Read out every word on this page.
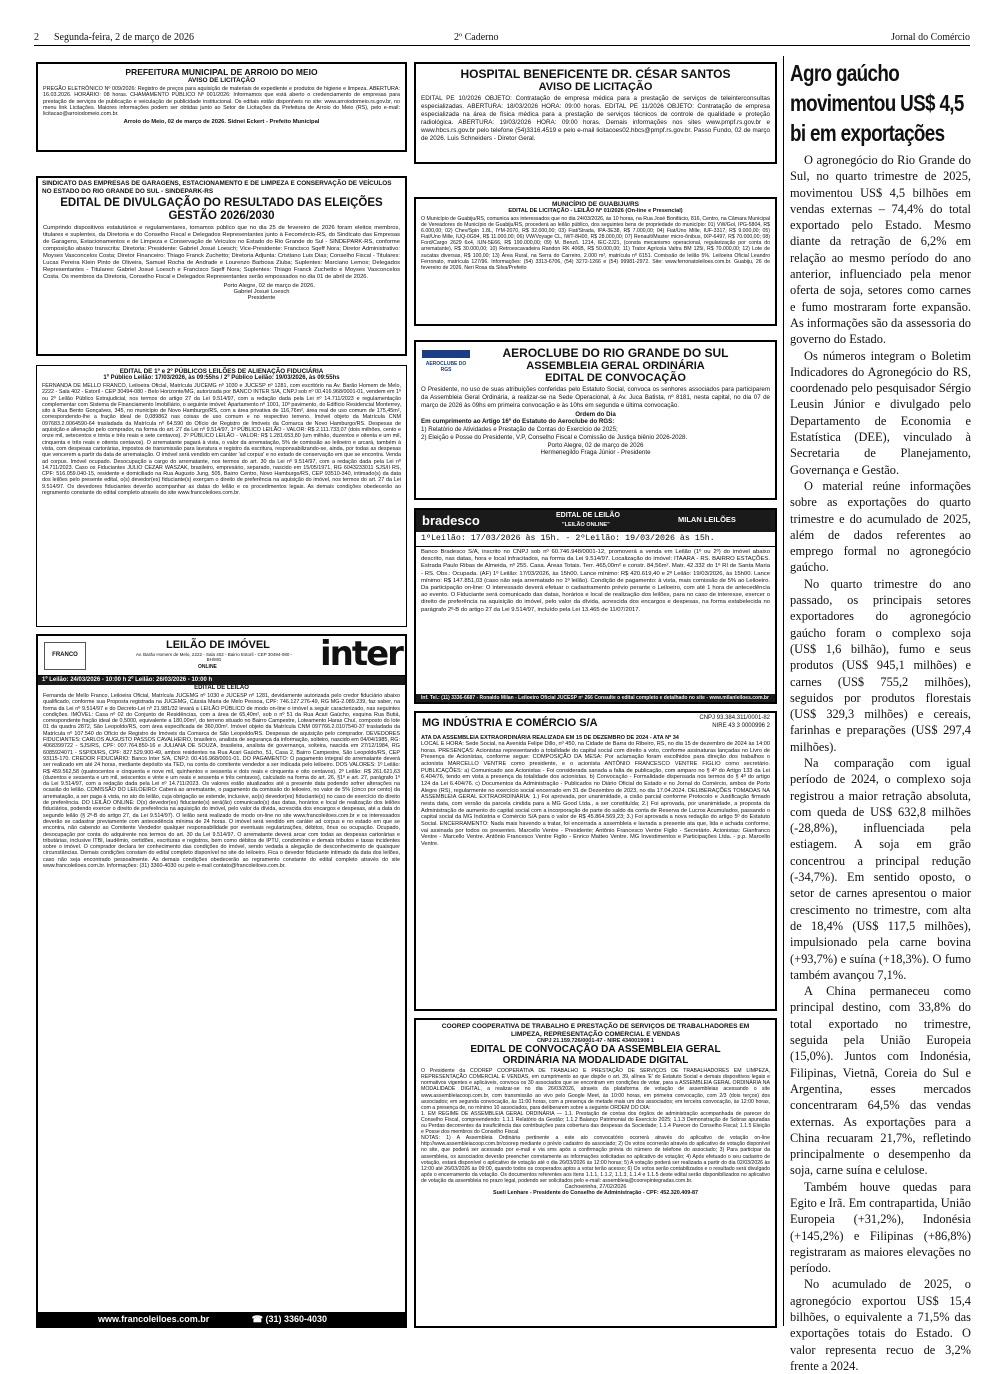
2 Segunda-feira, 2 de março de 2026	2º Caderno	Jornal do Comércio
PREFEITURA MUNICIPAL DE ARROIO DO MEIO
AVISO DE LICITAÇÃO
PREGÃO ELETRÔNICO Nº 009/2026: Registro de preços para aquisição de materiais de expediente e produtos de higiene e limpeza. ABERTURA: 16.03.2026. HORÁRIO: 08 horas. CHAMAMENTO PÚBLICO Nº 001/2026: Informamos que está aberto o credenciamento de empresas para prestação de serviços de publicação e veiculação de publicidade institucional. Os editais estão disponíveis no site: www.arroiodomeio.rs.gov.br, no menu link Licitações. Maiores informações podem ser obtidas junto ao Setor de Licitações da Prefeitura de Arroio do Meio (RS), pelo e-mail: licitacao@arroiodomeio.com.br.
Arroio do Meio, 02 de março de 2026. Sidnei Eckert - Prefeito Municipal
SINDICATO DAS EMPRESAS DE GARAGENS, ESTACIONAMENTO E DE LIMPEZA E CONSERVAÇÃO DE VEÍCULOS NO ESTADO DO RIO GRANDE DO SUL - SINDEPARK-RS
EDITAL DE DIVULGAÇÃO DO RESULTADO DAS ELEIÇÕES GESTÃO 2026/2030
Cumprindo dispositivos estatutários e regulamentares, tornamos público que no dia 25 de fevereiro de 2026 foram eleitos membros, titulares e suplentes, da Diretoria e do Conselho Fiscal e Delegados Representantes junto à Fecomércio-RS, do Sindicato das Empresas de Garagens, Estacionamentos e de Limpeza e Conservação de Veículos no Estado do Rio Grande do Sul - SINDEPARK-RS, conforme composição abaixo transcrita: Diretoria: Presidente: Gabriel Josué Loesch; Vice-Presidente: Francisco Sqeff Nora; Diretor Administrativo: Moyses Vasconcelos Costa; Diretor Financeiro: Thiago Franck Zuchetto; Diretoria Adjunta: Cristiano Luis Dias; Conselho Fiscal - Titulares: Lucas Pereira Klein Pinto de Oliveira, Samuel Rocha de Andrade e Lourenzo Barbosa Ziuba; Suplentes: Marciano Lemos; Delegados Representantes - Titulares: Gabriel Josué Loesch e Francisco Sqeff Nora; Suplentes: Thiago Franck Zuchetto e Moyses Vasconcelos Costa. Os membros da Diretoria, Conselho Fiscal e Delegados Representantes serão empossados no dia 01 de abril de 2026.
Porto Alegre, 02 de março de 2026.
Gabriel Josué Loesch
Presidente
EDITAL DE 1º e 2º PÚBLICOS LEILÕES DE ALIENAÇÃO FIDUCIÁRIA
1º Público Leilão: 17/03/2026, às 09:55hs / 2º Público Leilão: 19/03/2026, às 09:55hs
FERNANDA DE MELLO FRANCO, Leiloeira Oficial, Matrícula JUCEMG nº 1030 e JUCESP nº 1281, com escritório na Av. Barão Homem de Melo, 2222 - Sala 402 - Estoril - CEP 30494-080 - Belo Horizonte/MG, autorizada por BANCO INTER S/A, CNPJ sob nº 00.416.968/0001-01, vendem em 1º ou 2º Leilão Público Extrajudicial, nos termos do artigo 27 da Lei 9.514/97, com a redação dada pela Lei nº 14.711/2023 e regulamentação complementar com Sistema de Financiamento Imobiliário, o seguinte imóvel: Apartamento nº 1001, 10º pavimento, do Edifício Residencial Monterrey, sito à Rua Bento Gonçalves, 345, no município de Novo Hamburgo/RS, com a área privativa de 116,76m², área real de uso comum de 175,45m², correspondendo-lhe a fração ideal de 0,089862 nas coisas de uso comum e no respectivo terreno. Imóvel objeto da Matrícula CNM 097683.2.0064590-64 trasladada da Matrícula nº 64.590 do Ofício de Registro de Imóveis da Comarca de Novo Hamburgo/RS. Despesas de aquisição e alienação pelo comprador, na forma do art. 27 da Lei nº 9.514/97. 1º PÚBLICO LEILÃO - VALOR: R$ 2.111.733,07 (dois milhões, cento e onze mil, setecentos e trinta e três reais e sete centavos). 2º PÚBLICO LEILÃO - VALOR: R$ 1.281.653,80 (um milhão, duzentos e oitenta e um mil, cinquenta e três reais e oitenta centavos). O arrematante pagará à vista, o valor da arrematação, 5% de comissão ao leiloeiro e arcará, também à vista, com despesas cartorárias, impostos de transmissão para lavratura e registro da escritura, responsabilizando-se, ainda, por todas as despesas que vencerem a partir da data de arrematação. O imóvel será vendido em caráter 'ad corpus' e no estado de conservação em que se encontra. Venda ad corpus. Imóvel ocupado. Desocupação a cargo do arrematante, nos termos do art. 30 da Lei nº 9.514/97, com a redação dada pela Lei nº 14.711/2023. Caso os Fiduciantes JULIO CEZAR WASZAK, brasileiro, empresário, separado, nascido em 15/05/1971, RG 6043233011 SJS/II RS, CPF: 516.059.040-15, residente e domiciliado na Rua Augusto Jung, 505, Bairro Centro, Novo Hamburgo/RS, CEP 93510-340, intimado(s) da data dos leilões pelo presente edital, o(s) devedor(es) fiduciante(s) exerçam o direito de preferência na aquisição do imóvel, nos termos do art. 27 da Lei 9.514/97. Os devedores fiduciantes deverão acompanhar as datas do leilão e os procedimentos legais. As demais condições obedecerão ao regramento constante do edital completo através do site www.francoleiloes.com.br.
FRANCO
LEILÃO DE IMÓVEL
Av. Barão Homem de Melo, 2222 - Sala 402 - Bairro Estoril - CEP 30494-080 - BH/MG
ONLINE	inter
1º Leilão: 24/03/2026 - 10:00 h 2º Leilão: 26/03/2026 - 10:00 h
EDITAL DE LEILÃO
Fernanda de Mello Franco, Leiloeira Oficial, Matrícula JUCEMG nº 1030 e JUCESP nº 1281, devidamente autorizada pelo credor fiduciário abaixo qualificado, conforme sua Proposta registrada na JUCEMG, Cássia Maria de Melo Pessoa, CPF: 746.127.276-49, RG MG-2.089.239, faz saber, na forma da Lei nº 9.514/97 e do Decreto-Lei nº 21.981/32 levará a LEILÃO PÚBLICO de modo on-line o imóvel a seguir caracterizado, nas seguintes condições. IMÓVEL: Casa nº 02 do Conjunto de Residências, com a área de 65,40m², sob o nº 51 da Rua Acari Gaúcho, esquina Rua Butiá, correspondente fração ideal de 0,5000, equivalente a 180,00m², do terreno situado no Bairro Campestre, Loteamento Haras Chuí, composto do lote 01 da quadra 2872, São Leopoldo/RS, com área especificada de 360,00m². Imóvel objeto da Matrícula CNM 097766.2.0107540-37 trasladada da Matrícula nº 107.540 do Ofício de Registro de Imóveis da Comarca de São Leopoldo/RS. Despesas de aquisição pelo comprador. DEVEDORES FIDUCIANTES: CARLOS AUGUSTO PASSOS CAVALHEIRO, brasileiro, analista de segurança da informação, solteiro, nascido em 04/04/1985, RG: 4068399722 - SJS/RS, CPF: 007.764.850-16 e JULIANA DE SOUZA, brasileira, analista de governança, solteira, nascida em 27/12/1984, RG 6085924071 - SSP/DI/RS, CPF: 827.529.900-49, ambos residentes na Rua Acari Gaúcho, 51, Casa 2, Bairro Campestre, São Leopoldo/RS, CEP 93115-170. CREDOR FIDUCIÁRIO: Banco Inter S/A, CNPJ: 00.416.968/0001-01. DO PAGAMENTO: O pagamento integral do arrematante deverá ser realizado em até 24 horas, mediante depósito via TED, na conta do comitente vendedor a ser indicada pelo leiloeiro. DOS VALORES: 1º Leilão: R$ 459.562,58 (quatrocentos e cinquenta e nove mil, quinhentos e sessenta e dois reais e cinquenta e oito centavos). 2º Leilão: R$ 261.621,63 (duzentos e sessenta e um mil, seiscentos e vinte e um reais e sessenta e três centavos), calculado na forma do art. 26, §1º e art. 27, parágrafo 1º da Lei 9.514/97, com a redação dada pela Lei nº 14.711/2023. Os valores estão atualizados até a presente data podendo sofrer alterações na ocasião do leilão. COMISSÃO DO LEILOEIRO: Caberá ao arrematante, o pagamento da comissão do leiloeiro, no valor de 5% (cinco por cento) da arrematação, a ser paga à vista, no ato do leilão, cuja obrigação se estende, inclusive, ao(s) devedor(es) fiduciante(s) no caso de exercício do direito de preferência. DO LEILÃO ONLINE: O(s) devedor(es) fiduciante(s) será(ão) comunicado(s) das datas, horários e local de realização dos leilões fiduciários, podendo exercer o direito de preferência na aquisição do imóvel, pelo valor da dívida, acrescida dos encargos e despesas, até a data do segundo leilão (§ 2º-B do artigo 27, da Lei 9.514/97). O leilão será realizado de modo on-line no site www.francoleiloes.com.br e os interessados deverão se cadastrar previamente com antecedência mínima de 24 horas. O imóvel será vendido em caráter ad corpus e no estado em que se encontra, não cabendo ao Comitente Vendedor qualquer responsabilidade por eventuais regularizações, débitos, ônus ou ocupação. Ocupado, desocupação por conta do adquirente nos termos do art. 30 da Lei 9.514/97. O arrematante deverá arcar com todas as despesas cartorárias e tributárias, inclusive ITBI, laudêmio, certidões, escrituras e registros, bem como débitos de IPTU, condomínio e demais tributos e taxas incidentes sobre o imóvel. O comprador declara ter conhecimento das condições do imóvel, sendo vedada a alegação de desconhecimento de quaisquer circunstâncias. Demais condições constam do edital completo disponível no site do leiloeiro. Fica o devedor fiduciante intimado da data dos leilões, caso não seja encontrado pessoalmente. As demais condições obedecerão ao regramento constante do edital completo através do site www.francoleiloes.com.br. Informações: (31) 3360-4030 ou pelo e-mail contato@francoleiloes.com.br.
www.francoleiloes.com.br	☎ (31) 3360-4030
HOSPITAL BENEFICENTE DR. CÉSAR SANTOS
AVISO DE LICITAÇÃO
EDITAL PE 10/2026 OBJETO: Contratação de empresa médica para a prestação de serviços de teleinterconsultas especializadas. ABERTURA: 18/03/2026 HORA: 09:00 horas. EDITAL PE 11/2026 OBJETO: Contratação de empresa especializada na área de física médica para a prestação de serviços técnicos de controle de qualidade e proteção radiológica. ABERTURA: 19/03/2026 HORA: 09:00 horas. Demais informações nos sites www.pmpf.rs.gov.br e www.hbcs.rs.gov.br pelo telefone (54)3316.4519 e pelo e-mail licitacoes02.hbcs@pmpf.rs.gov.br. Passo Fundo, 02 de março de 2026. Luis Schneiders - Diretor Geral.
MUNICÍPIO DE GUABIJU/RS
EDITAL DE LICITAÇÃO - LEILÃO Nº 01/2026 (On-line e Presencial)
O Município de Guabiju/RS, comunica aos interessados que no dia 24/03/2026, às 10 horas, na Rua José Bonifácio, 816, Centro, na Câmara Municipal de Vereadores do Município de Guabiju/RS, procederá ao leilão público, dos seguintes bens de propriedade do município: 01) VW/Gol, IPG-5804, R$ 6.000,00; 02) Chev/Spin 1.8L, IYM-2070, R$ 32.000,00; 03) Fiat/Strada, IPA-3E38, R$ 7.000,00; 04) Fiat/Uno Mille, IUF-3317, R$ 9.000,00; 05) Fiat/Uno Mille, IUQ-0G94, R$ 11.000,00; 06) VW/Voyage CL, IWT-8H00, R$ 28.000,00; 07) Renault/Master micro-ônibus, IXP-6497, R$ 70.000,00; 08) Ford/Cargo 2629 6x4, IUN-5E66, R$ 190.000,00; 09) M. Benz/L 1214, IEC-2J21, (consta mecanismo operacional, regularização por conta do arrematante), R$ 30.000,00; 10) Retroescavadeira Randon RK 406B, R$ 50.000,00; 11) Trator Agrícola Valtra BM 125i, R$ 70.000,00; 12) Lote de sucatas diversas, R$ 100,00; 13) Área Rural, na Serra do Carreiro, 2.000 m², matrícula nº 6151. Comissão de leilão 5%. Leiloeira Oficial Leandro Ferronato, matrícula 127/96. Informações: (54) 3313-6706, (54) 3272-1266 e (54) 99981-2972. Site: www.ferronatoleiloes.com.br. Guabiju, 26 de fevereiro de 2026. Neri Rosa da Silva/Prefeito
AEROCLUBE DO RGS
AEROCLUBE DO RIO GRANDE DO SUL
ASSEMBLEIA GERAL ORDINÁRIA
EDITAL DE CONVOCAÇÃO
O Presidente, no uso de suas atribuições conferidas pelo Estatuto Social, convoca os senhores associados para participarem da Assembleia Geral Ordinária, a realizar-se na Sede Operacional, à Av. Juca Batista, nº 8181, nesta capital, no dia 07 de março de 2026 às 09hs em primeira convocação e às 10hs em segunda e última convocação.
Ordem do Dia
Em cumprimento ao Artigo 16º do Estatuto do Aeroclube do RGS:
1) Relatório de Atividades e Prestação de Contas do Exercício de 2025;
2) Eleição e Posse do Presidente, V.P, Conselho Fiscal e Comissão de Justiça biênio 2026-2028.
Porto Alegre, 02 de março de 2026
Hermenegildo Fraga Júnior - Presidente
bradesco	EDITAL DE LEILÃO
"LEILÃO ONLINE"
MILAN LEILÕES
1ºLeilão: 17/03/2026 às 15h. - 2ºLeilão: 19/03/2026 às 15h.
Banco Bradesco S/A, inscrito no CNPJ sob nº 60.746.948/0001-12, promoverá a venda em Leilão (1º ou 2º) do imóvel abaixo descrito, nas datas, hora e local infracitados, na forma da Lei 9.514/97. Localização do imóvel: ITAARA - RS. BAIRRO ESTAÇÕES. Estrada Paulo Ribas de Almeida, nº 255. Casa. Áreas Totais. Terr. 465,00m² e constr. 84,56m². Matr. 42.332 do 1º RI de Santa Maria - RS. Obs.: Ocupada. (AF) 1º Leilão: 17/03/2026, às 15h00. Lance mínimo: R$ 420.619,40 e 2º Leilão: 19/03/2026, às 15h00. Lance mínimo: R$ 147.851,03 (caso não seja arrematado no 1º leilão). Condição de pagamento: à vista, mais comissão de 5% ao Leiloeiro. Da participação on-line: O interessado deverá efetuar o cadastramento prévio perante o Leiloeiro, com até 1 hora de antecedência ao evento. O Fiduciante será comunicado das datas, horários e local de realização dos leilões, para no caso de interesse, exercer o direito de preferência na aquisição do imóvel, pelo valor da dívida, acrescida dos encargos e despesas, na forma estabelecida no parágrafo 2º-B do artigo 27 da Lei 9.514/97, incluído pela Lei 13.465 de 11/07/2017.
Inf. Tel.: (11) 3336-6687 - Ronaldo Milan - Leiloeiro Oficial JUCESP nº 266 Consulte o edital completo e detalhado no site - www.milanleiloes.com.br
MG INDÚSTRIA E COMÉRCIO S/A	CNPJ 93.384.311/0001-82
NIRE 43 3 0000996 2
ATA DA ASSEMBLEIA EXTRAORDINÁRIA REALIZADA EM 15 DE DEZEMBRO DE 2024 - ATA Nº 34
LOCAL E HORA: Sede Social, na Avenida Felipe Dillo, nº 450, na Cidade de Barra do Ribeiro, RS, no dia 15 de dezembro de 2024 às 14:00 horas. PRESENÇAS: Acionistas representando a totalidade do capital social com direito a voto, conforme assinaturas lançadas no Livro de Presença de Acionistas, conforme segue: COMPOSIÇÃO DA MESA: Por aclamação foram escolhidos para direção dos trabalhos o acionista MARCELLO VENTRE como presidente, e o acionista ANTÔNIO FRANCESCO VENTRE FIGLIO como secretário. PUBLICAÇÕES: a) Comunicado aos Acionistas - Foi considerada sanada a falta de publicação, com amparo no § 4º do Artigo 133 da Lei 6.404/76, tendo em vista a presença da totalidade dos acionistas. b) Convocação - Formalidade dispensada nos termos do § 4º do artigo 124 da Lei 6.404/76. c) Documentos da Administração - Publicados no Diário Oficial do Estado e no Jornal do Comércio, ambos de Porto Alegre (RS), regularmente no exercício social encerrado em 31 de Dezembro de 2023, no dia 17.04.2024. DELIBERAÇÕES TOMADAS NA ASSEMBLEIA GERAL EXTRAORDINÁRIA: 1.) Foi aprovada, por unanimidade, a cisão parcial conforme Protocolo e Justificação firmado nesta data, com versão da parcela cindida para a MG Good Ltda., a ser constituída; 2.) Foi aprovada, por unanimidade, a proposta da Administração de aumento do capital social com a incorporação de parte do saldo da conta de Reserva de Lucros Acumulados, passando o capital social da MG Indústria e Comércio S/A para o valor de R$ 45.864.569,23; 3.) Foi aprovada a nova redação do artigo 5º do Estatuto Social. ENCERRAMENTO: Nada mais havendo a tratar, foi encerrada a assembleia e lavrada a presente ata que, lida e achada conforme, vai assinada por todos os presentes. Marcello Ventre - Presidente; Antônio Francesco Ventre Figlio - Secretário. Acionistas: Gianfranco Ventre - Marcello Ventre. Antônio Francesco Ventre Figlio - Enrico Matteo Ventre. MG Investimentos e Participações Ltda. - p.p. Marcello Ventre.
COOREP COOPERATIVA DE TRABALHO E PRESTAÇÃO DE SERVIÇOS DE TRABALHADORES EM LIMPEZA, REPRESENTAÇÃO COMERCIAL E VENDAS
CNPJ 21.159.726/0001-47 - NIRE 434001908 1
EDITAL DE CONVOCAÇÃO DA ASSEMBLEIA GERAL ORDINÁRIA NA MODALIDADE DIGITAL
O Presidente da COOREP COOPERATIVA DE TRABALHO E PRESTAÇÃO DE SERVIÇOS DE TRABALHADORES EM LIMPEZA, REPRESENTAÇÃO COMERCIAL E VENDAS, em cumprimento ao que dispõe o art. 39, alínea 'E' do Estatuto Social e demais dispositivos legais e normativos vigentes e aplicáveis, convoca os 30 associados que se encontram em condições de votar, para a ASSEMBLEIA GERAL ORDINÁRIA NA MODALIDADE DIGITAL, a realizar-se no dia 26/03/2026, através da plataforma de votação de assembleias acessando o site www.assembleiacoop.com.br, com transmissão ao vivo pelo Google Meet, às 10:00 horas, em primeira convocação, com 2/3 (dois terços) dos associados; em segunda convocação, às 11:00 horas, com a presença de metade mais um dos associados; em terceira convocação, às 12:00 horas, com a presença de, no mínimo 10 associados, para deliberarem sobre a seguinte ORDEM DO DIA:
1. EM REGIME DE ASSEMBLEIA GERAL ORDINÁRIA — 1.1. Prestação de contas dos órgãos de administração acompanhada de parecer do Conselho Fiscal, compreendendo: 1.1.1 Relatório da Gestão; 1.1.2 Balanço Patrimonial do Exercício 2025; 1.1.3 Demonstração de Sobras apuradas ou Perdas decorrentes da insuficiência das contribuições para cobertura das despesas da Sociedade; 1.1.4 Parecer do Conselho Fiscal; 1.1.5 Eleição e Posse dos membros do Conselho Fiscal.
NOTAS: 1) A Assembleia Ordinária pertinente a este ato convocatório ocorrerá através do aplicativo de votação on-line http://www.assembleiacoop.com.br/coorep mediante o prévio cadastro do associado; 2) Os votos ocorrerão através do aplicativo de votação disponível no site, que poderá ser acessado por e-mail e via sms após a confirmação prévia do número de telefone do associado; 3) Para participar da assembleia, os associados deverão preencher corretamente as informações solicitadas no aplicativo de votação; 4) Após efetuado o seu cadastro de votação, estará disponível o aplicativo de votação até o dia 26/03/2026 às 12:00 horas; 5) A votação poderá ser realizada a partir do dia 02/03/2026 às 12:00 até 26/03/2026 às 09:00, quando todos os cooperados aptos a votar terão acesso; 6) Os votos serão contabilizados e o resultado será divulgado após o encerramento da votação. Os documentos referentes aos itens 1.1.1, 1.1.2, 1.1.3, 1.1.4 e 1.1.5 deste edital serão disponibilizados no aplicativo de votação da assembleia no prazo legal, podendo ser solicitados pelo e-mail: assembleia@coorepintegradas.com.br.
Cachoeirinha, 27/02/2026
Sueli Lenhare - Presidente do Conselho de Administração - CPF: 452.320.409-87
Agro gaúcho movimentou US$ 4,5 bi em exportações

O agronegócio do Rio Grande do Sul, no quarto trimestre de 2025, movimentou US$ 4,5 bilhões em vendas externas – 74,4% do total exportado pelo Estado. Mesmo diante da retração de 6,2% em relação ao mesmo período do ano anterior, influenciado pela menor oferta de soja, setores como carnes e fumo mostraram forte expansão. As informações são da assessoria do governo do Estado.

Os números integram o Boletim Indicadores do Agronegócio do RS, coordenado pelo pesquisador Sérgio Leusin Júnior e divulgado pelo Departamento de Economia e Estatística (DEE), vinculado à Secretaria de Planejamento, Governança e Gestão.

O material reúne informações sobre as exportações do quarto trimestre e do acumulado de 2025, além de dados referentes ao emprego formal no agronegócio gaúcho.

No quarto trimestre do ano passado, os principais setores exportadores do agronegócio gaúcho foram o complexo soja (US$ 1,6 bilhão), fumo e seus produtos (US$ 945,1 milhões) e carnes (US$ 755,2 milhões), seguidos por produtos florestais (US$ 329,3 milhões) e cereais, farinhas e preparações (US$ 297,4 milhões).

Na comparação com igual período de 2024, o complexo soja registrou a maior retração absoluta, com queda de US$ 632,8 milhões (-28,8%), influenciada pela estiagem. A soja em grão concentrou a principal redução (-34,7%). Em sentido oposto, o setor de carnes apresentou o maior crescimento no trimestre, com alta de 18,4% (US$ 117,5 milhões), impulsionado pela carne bovina (+93,7%) e suína (+18,3%). O fumo também avançou 7,1%.

A China permaneceu como principal destino, com 33,8% do total exportado no trimestre, seguida pela União Europeia (15,0%). Juntos com Indonésia, Filipinas, Vietnã, Coreia do Sul e Argentina, esses mercados concentraram 64,5% das vendas externas. As exportações para a China recuaram 21,7%, refletindo principalmente o desempenho da soja, carne suína e celulose.

Também houve quedas para Egito e Irã. Em contrapartida, União Europeia (+31,2%), Indonésia (+145,2%) e Filipinas (+86,8%) registraram as maiores elevações no período.

No acumulado de 2025, o agronegócio exportou US$ 15,4 bilhões, o equivalente a 71,5% das exportações totais do Estado. O valor representa recuo de 3,2% frente a 2024.
